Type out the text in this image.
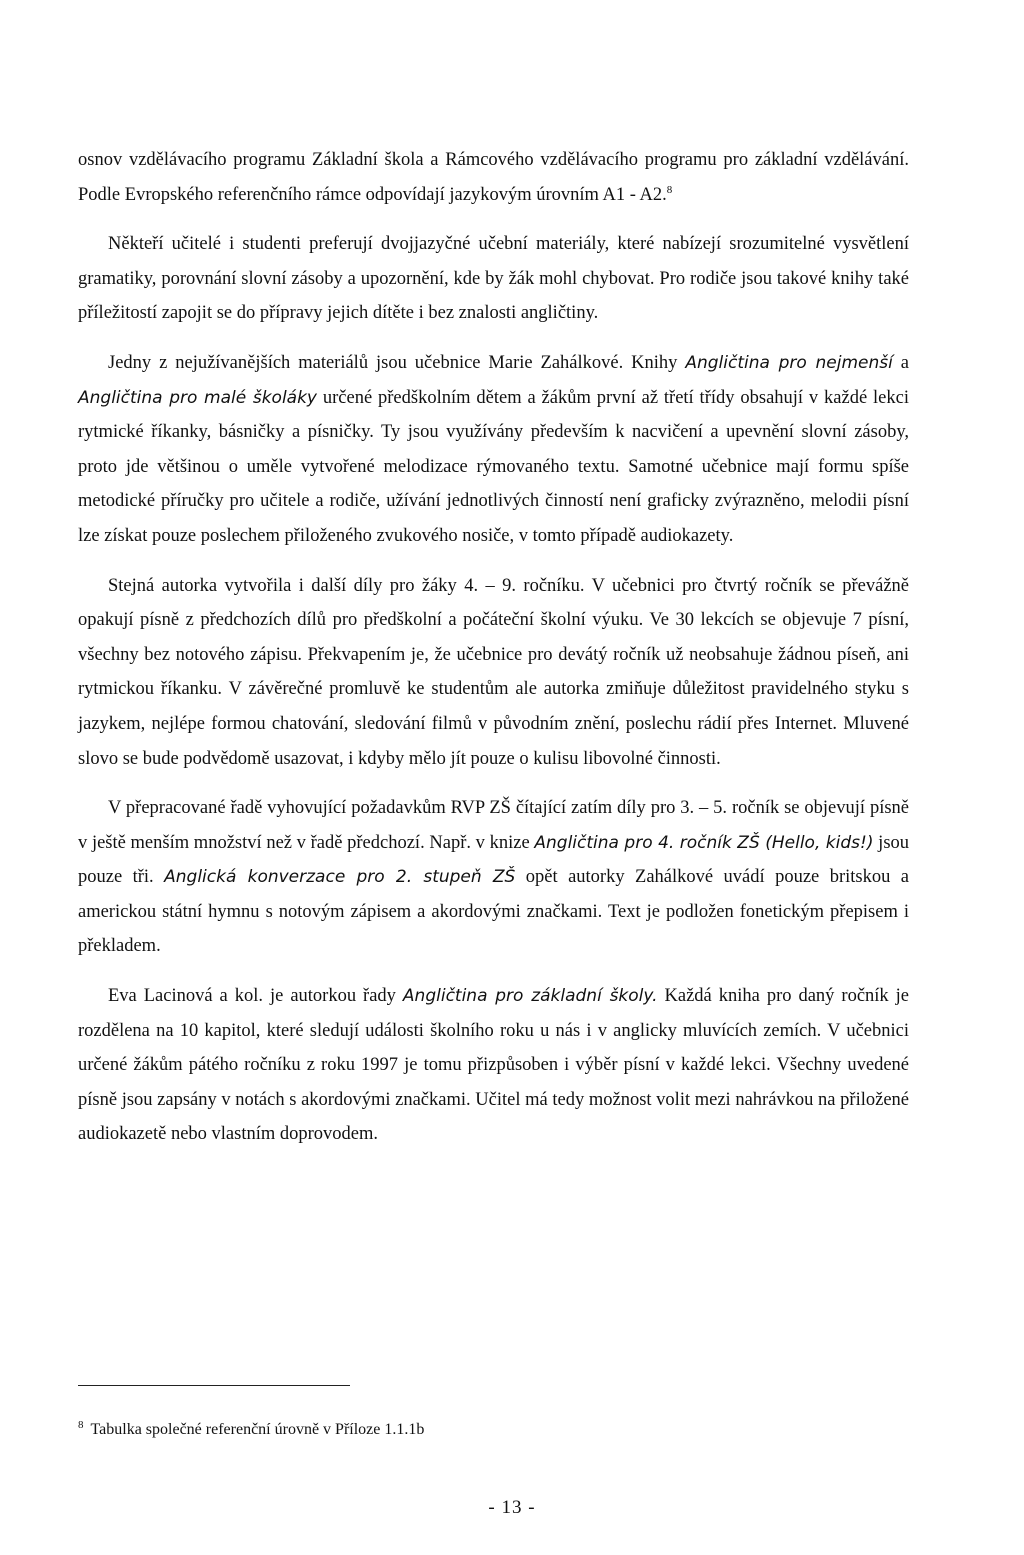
osnov vzdělávacího programu Základní škola a Rámcového vzdělávacího programu pro základní vzdělávání. Podle Evropského referenčního rámce odpovídají jazykovým úrovním A1 - A2.$^8$

Někteří učitelé i studenti preferují dvojjazyčné učební materiály, které nabízejí srozumitelné vysvětlení gramatiky, porovnání slovní zásoby a upozornění, kde by žák mohl chybovat. Pro rodiče jsou takové knihy také příležitostí zapojit se do přípravy jejich dítěte i bez znalosti angličtiny.

Jedny z nejužívanějších materiálů jsou učebnice Marie Zahálkové. Knihy Angličtina pro nejmenší a Angličtina pro malé školáky určené předškolním dětem a žákům první až třetí třídy obsahují v každé lekci rytmické říkanky, básničky a písničky. Ty jsou využívány především k nacvičení a upevnění slovní zásoby, proto jde většinou o uměle vytvořené melodizace rýmovaného textu. Samotné učebnice mají formu spíše metodické příručky pro učitele a rodiče, užívání jednotlivých činností není graficky zvýrazněno, melodii písní lze získat pouze poslechem přiloženého zvukového nosiče, v tomto případě audiokazety.

Stejná autorka vytvořila i další díly pro žáky 4. – 9. ročníku. V učebnici pro čtvrtý ročník se převážně opakují písně z předchozích dílů pro předškolní a počáteční školní výuku. Ve 30 lekcích se objevuje 7 písní, všechny bez notového zápisu. Překvapením je, že učebnice pro devátý ročník už neobsahuje žádnou píseň, ani rytmickou říkanku. V závěrečné promluvě ke studentům ale autorka zmiňuje důležitost pravidelného styku s jazykem, nejlépe formou chatování, sledování filmů v původním znění, poslechu rádií přes Internet. Mluvené slovo se bude podvědomě usazovat, i kdyby mělo jít pouze o kulisu libovolné činnosti.

V přepracované řadě vyhovující požadavkům RVP ZŠ čítající zatím díly pro 3. – 5. ročník se objevují písně v ještě menším množství než v řadě předchozí. Např. v knize Angličtina pro 4. ročník ZŠ (Hello, kids!) jsou pouze tři. Anglická konverzace pro 2. stupeň ZŠ opět autorky Zahálkové uvádí pouze britskou a americkou státní hymnu s notovým zápisem a akordovými značkami. Text je podložen fonetickým přepisem i překladem.

Eva Lacinová a kol. je autorkou řady Angličtina pro základní školy. Každá kniha pro daný ročník je rozdělena na 10 kapitol, které sledují události školního roku u nás i v anglicky mluvících zemích. V učebnici určené žákům pátého ročníku z roku 1997 je tomu přizpůsoben i výběr písní v každé lekci. Všechny uvedené písně jsou zapsány v notách s akordovými značkami. Učitel má tedy možnost volit mezi nahrávkou na přiložené audiokazetě nebo vlastním doprovodem.

$^8$ Tabulka společné referenční úrovně v Příloze 1.1.1b
- 13 -
